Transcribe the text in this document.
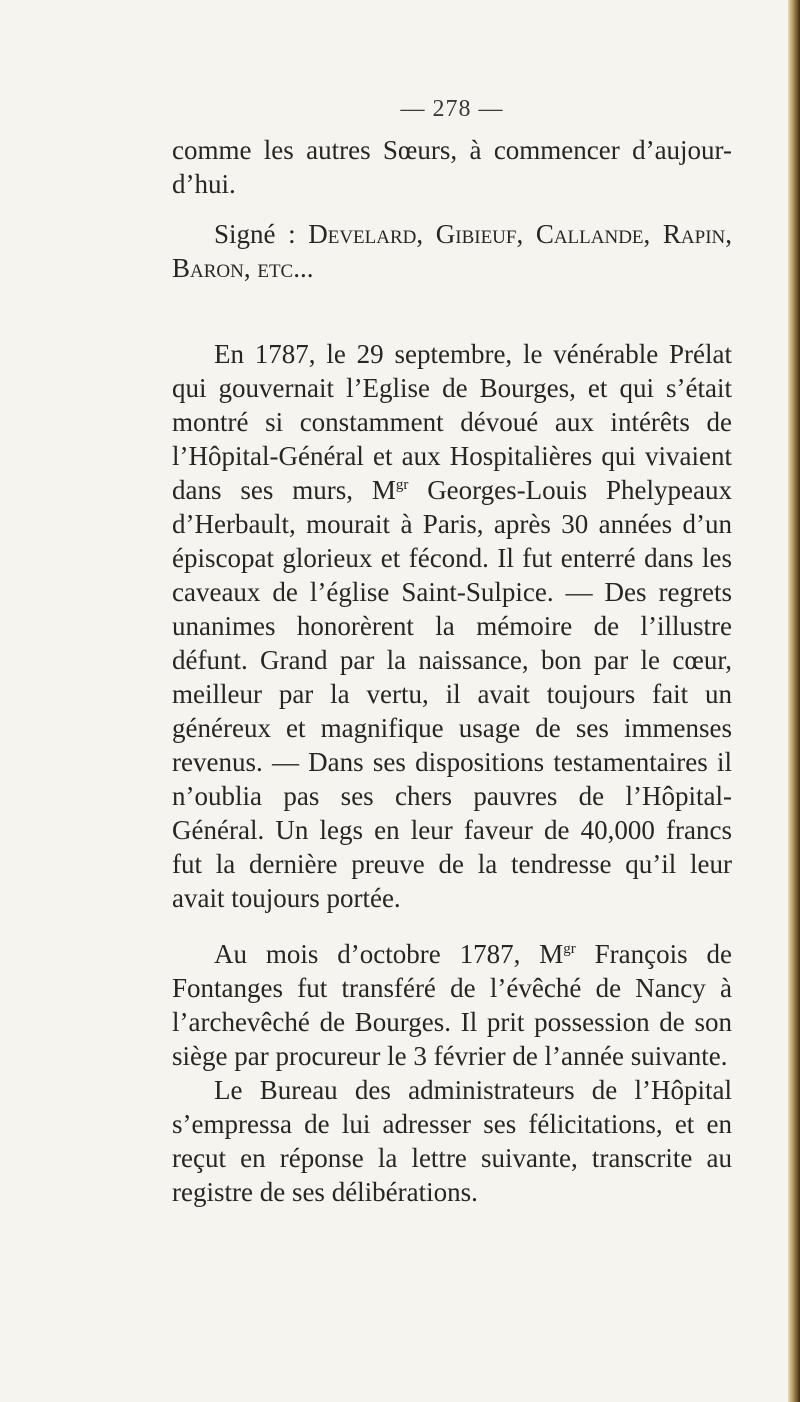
— 278 —

comme les autres Sœurs, à commencer d’aujour-d’hui.

Signé : Develard, Gibieuf, Callande, Rapin, Baron, etc...

En 1787, le 29 septembre, le vénérable Prélat qui gouvernait l’Eglise de Bourges, et qui s’était montré si constamment dévoué aux intérêts de l’Hôpital-Général et aux Hospitalières qui vivaient dans ses murs, $M^{gr}$ Georges-Louis Phelypeaux d’Herbault, mourait à Paris, après 30 années d’un épiscopat glorieux et fécond. Il fut enterré dans les caveaux de l’église Saint-Sulpice. — Des regrets unanimes honorèrent la mémoire de l’illustre défunt. Grand par la naissance, bon par le cœur, meilleur par la vertu, il avait toujours fait un généreux et magnifique usage de ses immenses revenus. — Dans ses dispositions testamentaires il n’oublia pas ses chers pauvres de l’Hôpital-Général. Un legs en leur faveur de 40,000 francs fut la dernière preuve de la tendresse qu’il leur avait toujours portée.

Au mois d’octobre 1787, $M^{gr}$ François de Fontanges fut transféré de l’évêché de Nancy à l’archevêché de Bourges. Il prit possession de son siège par procureur le 3 février de l’année suivante.

Le Bureau des administrateurs de l’Hôpital s’empressa de lui adresser ses félicitations, et en reçut en réponse la lettre suivante, transcrite au registre de ses délibérations.
